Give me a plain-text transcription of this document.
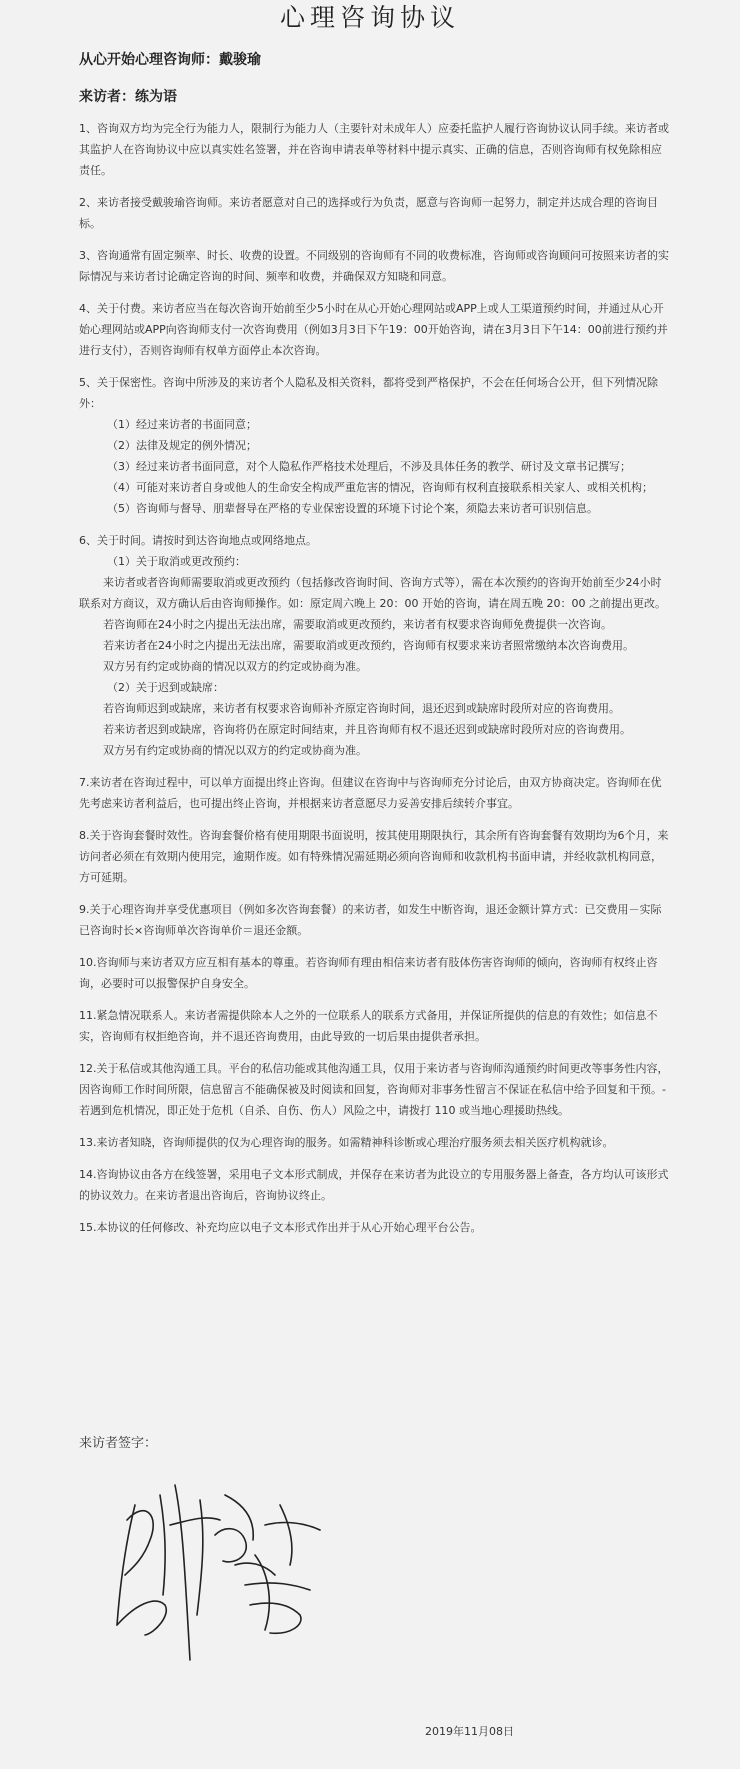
心理咨询协议

从心开始心理咨询师：戴骏瑜

来访者：练为语

1、咨询双方均为完全行为能力人，限制行为能力人（主要针对未成年人）应委托监护人履行咨询协议认同手续。来访者或其监护人在咨询协议中应以真实姓名签署，并在咨询申请表单等材料中提示真实、正确的信息，否则咨询师有权免除相应责任。

2、来访者接受戴骏瑜咨询师。来访者愿意对自己的选择或行为负责，愿意与咨询师一起努力，制定并达成合理的咨询目标。

3、咨询通常有固定频率、时长、收费的设置。不同级别的咨询师有不同的收费标准，咨询师或咨询顾问可按照来访者的实际情况与来访者讨论确定咨询的时间、频率和收费，并确保双方知晓和同意。

4、关于付费。来访者应当在每次咨询开始前至少5小时在从心开始心理网站或APP上或人工渠道预约时间，并通过从心开始心理网站或APP向咨询师支付一次咨询费用（例如3月3日下午19：00开始咨询，请在3月3日下午14：00前进行预约并进行支付），否则咨询师有权单方面停止本次咨询。

5、关于保密性。咨询中所涉及的来访者个人隐私及相关资料，都将受到严格保护，不会在任何场合公开，但下列情况除外：

（1）经过来访者的书面同意；

（2）法律及规定的例外情况；

（3）经过来访者书面同意，对个人隐私作严格技术处理后，不涉及具体任务的教学、研讨及文章书记撰写；

（4）可能对来访者自身或他人的生命安全构成严重危害的情况，咨询师有权利直接联系相关家人、或相关机构；

（5）咨询师与督导、朋辈督导在严格的专业保密设置的环境下讨论个案，须隐去来访者可识别信息。

6、关于时间。请按时到达咨询地点或网络地点。

（1）关于取消或更改预约：

来访者或者咨询师需要取消或更改预约（包括修改咨询时间、咨询方式等），需在本次预约的咨询开始前至少24小时联系对方商议，双方确认后由咨询师操作。如：原定周六晚上 20：00 开始的咨询，请在周五晚 20：00 之前提出更改。

若咨询师在24小时之内提出无法出席，需要取消或更改预约，来访者有权要求咨询师免费提供一次咨询。

若来访者在24小时之内提出无法出席，需要取消或更改预约，咨询师有权要求来访者照常缴纳本次咨询费用。

双方另有约定或协商的情况以双方的约定或协商为准。

（2）关于迟到或缺席：

若咨询师迟到或缺席，来访者有权要求咨询师补齐原定咨询时间，退还迟到或缺席时段所对应的咨询费用。

若来访者迟到或缺席，咨询将仍在原定时间结束，并且咨询师有权不退还迟到或缺席时段所对应的咨询费用。

双方另有约定或协商的情况以双方的约定或协商为准。

7.来访者在咨询过程中，可以单方面提出终止咨询。但建议在咨询中与咨询师充分讨论后，由双方协商决定。咨询师在优先考虑来访者利益后，也可提出终止咨询，并根据来访者意愿尽力妥善安排后续转介事宜。

8.关于咨询套餐时效性。咨询套餐价格有使用期限书面说明，按其使用期限执行，其余所有咨询套餐有效期均为6个月，来访问者必须在有效期内使用完，逾期作废。如有特殊情况需延期必须向咨询师和收款机构书面申请，并经收款机构同意，方可延期。

9.关于心理咨询并享受优惠项目（例如多次咨询套餐）的来访者，如发生中断咨询，退还金额计算方式：已交费用－实际已咨询时长×咨询师单次咨询单价＝退还金额。

10.咨询师与来访者双方应互相有基本的尊重。若咨询师有理由相信来访者有肢体伤害咨询师的倾向，咨询师有权终止咨询，必要时可以报警保护自身安全。

11.紧急情况联系人。来访者需提供除本人之外的一位联系人的联系方式备用，并保证所提供的信息的有效性；如信息不实，咨询师有权拒绝咨询，并不退还咨询费用，由此导致的一切后果由提供者承担。

12.关于私信或其他沟通工具。平台的私信功能或其他沟通工具，仅用于来访者与咨询师沟通预约时间更改等事务性内容，因咨询师工作时间所限，信息留言不能确保被及时阅读和回复，咨询师对非事务性留言不保证在私信中给予回复和干预。- 若遇到危机情况，即正处于危机（自杀、自伤、伤人）风险之中，请拨打 110 或当地心理援助热线。

13.来访者知晓，咨询师提供的仅为心理咨询的服务。如需精神科诊断或心理治疗服务须去相关医疗机构就诊。

14.咨询协议由各方在线签署，采用电子文本形式制成，并保存在来访者为此设立的专用服务器上备查，各方均认可该形式的协议效力。在来访者退出咨询后，咨询协议终止。

15.本协议的任何修改、补充均应以电子文本形式作出并于从心开始心理平台公告。

来访者签字：

2019年11月08日
